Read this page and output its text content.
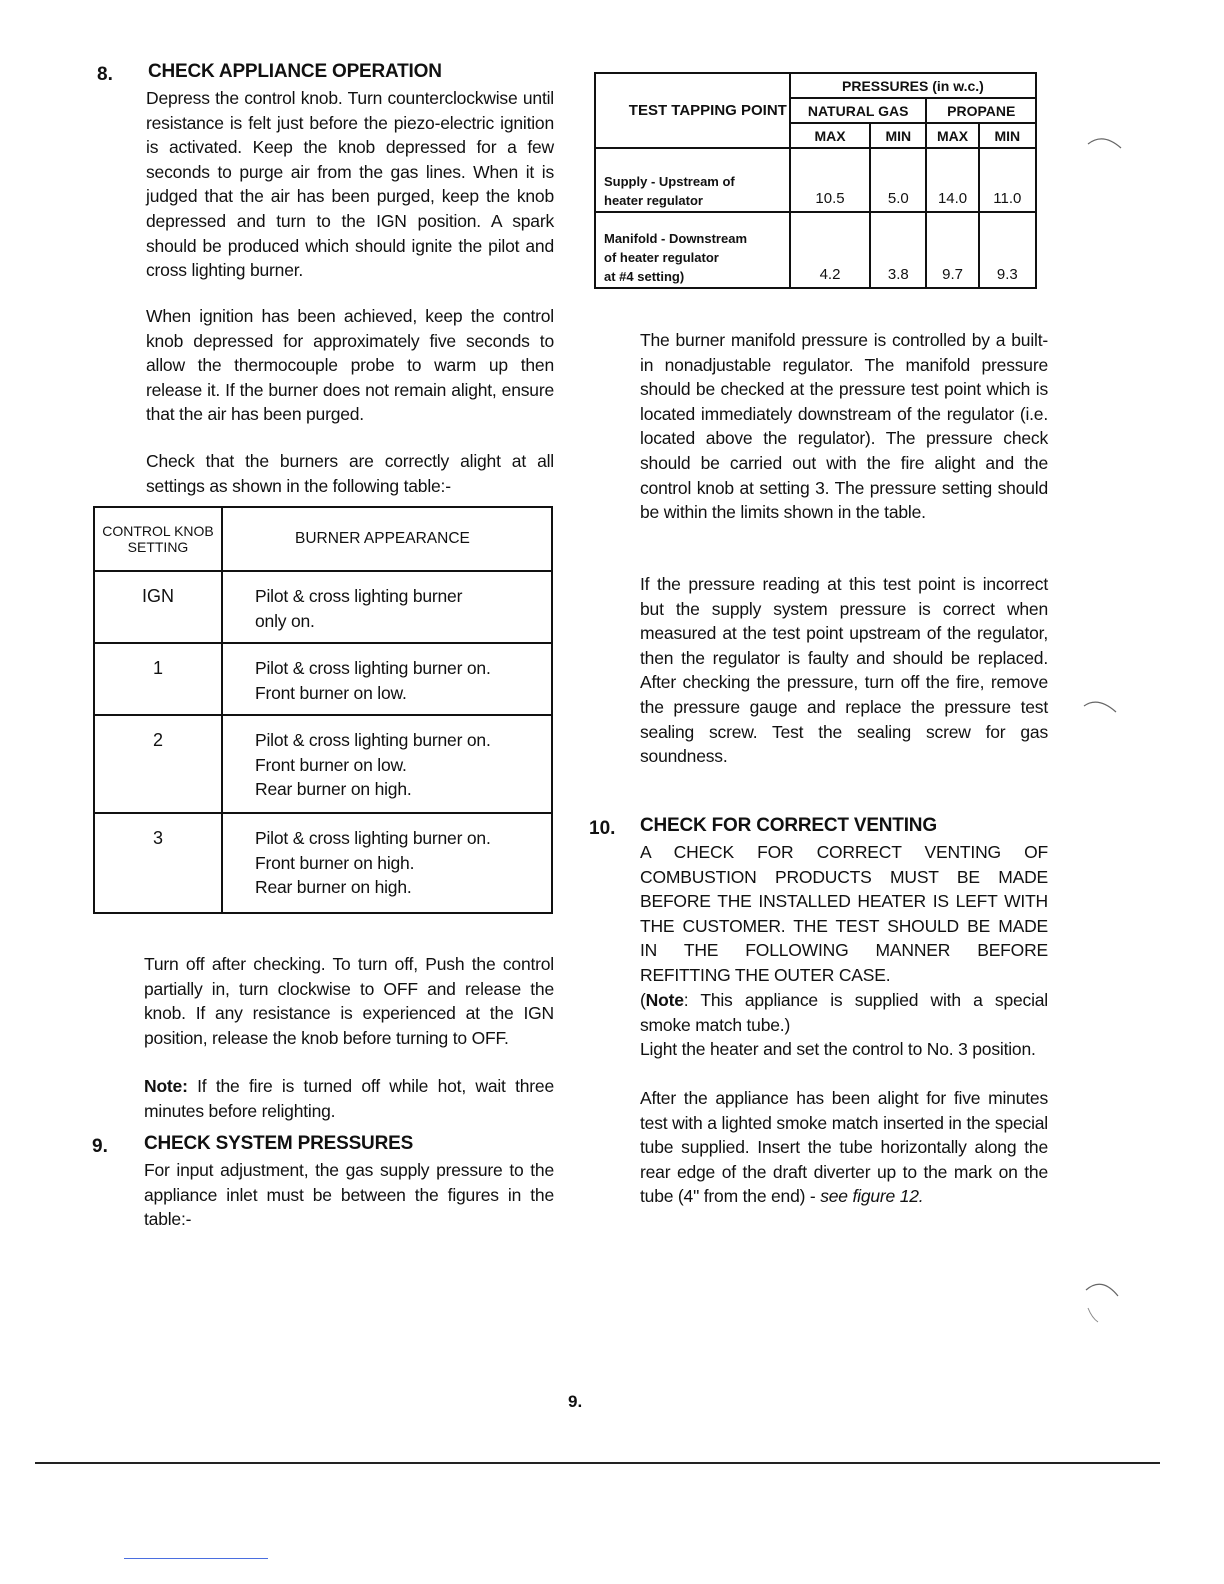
8. CHECK APPLIANCE OPERATION

Depress the control knob. Turn counterclockwise until resistance is felt just before the piezo-electric ignition is activated. Keep the knob depressed for a few seconds to purge air from the gas lines. When it is judged that the air has been purged, keep the knob depressed and turn to the IGN position. A spark should be produced which should ignite the pilot and cross lighting burner.

When ignition has been achieved, keep the control knob depressed for approximately five seconds to allow the thermocouple probe to warm up then release it. If the burner does not remain alight, ensure that the air has been purged.

Check that the burners are correctly alight at all settings as shown in the following table:-

CONTROL KNOB SETTING	BURNER APPEARANCE
IGN	Pilot & cross lighting burner
only on.

1	Pilot & cross lighting burner on.
Front burner on low.

2	Pilot & cross lighting burner on.
Front burner on low.
Rear burner on high.

3	Pilot & cross lighting burner on.
Front burner on high.
Rear burner on high.

Turn off after checking. To turn off, Push the control partially in, turn clockwise to OFF and release the knob. If any resistance is experienced at the IGN position, release the knob before turning to OFF.

Note: If the fire is turned off while hot, wait three minutes before relighting.

9. CHECK SYSTEM PRESSURES

For input adjustment, the gas supply pressure to the appliance inlet must be between the figures in the table:-

TEST TAPPING POINT	PRESSURES (in w.c.)			
	NATURAL GAS		PROPANE	
	MAX	MIN	MAX	MIN

Supply - Upstream of
heater regulator	10.5	5.0	14.0	11.0

Manifold - Downstream
of heater regulator
at #4 setting)	4.2	3.8	9.7	9.3

The burner manifold pressure is controlled by a built-in nonadjustable regulator. The manifold pressure should be checked at the pressure test point which is located immediately downstream of the regulator (i.e. located above the regulator). The pressure check should be carried out with the fire alight and the control knob at setting 3. The pressure setting should be within the limits shown in the table.

If the pressure reading at this test point is incorrect but the supply system pressure is correct when measured at the test point upstream of the regulator, then the regulator is faulty and should be replaced. After checking the pressure, turn off the fire, remove the pressure gauge and replace the pressure test sealing screw. Test the sealing screw for gas soundness.

10. CHECK FOR CORRECT VENTING

A CHECK FOR CORRECT VENTING OF COMBUSTION PRODUCTS MUST BE MADE BEFORE THE INSTALLED HEATER IS LEFT WITH THE CUSTOMER. THE TEST SHOULD BE MADE IN THE FOLLOWING MANNER BEFORE REFITTING THE OUTER CASE.

(Note: This appliance is supplied with a special smoke match tube.)

Light the heater and set the control to No. 3 position.

After the appliance has been alight for five minutes test with a lighted smoke match inserted in the special tube supplied. Insert the tube horizontally along the rear edge of the draft diverter up to the mark on the tube (4" from the end) - see figure 12.

9.
